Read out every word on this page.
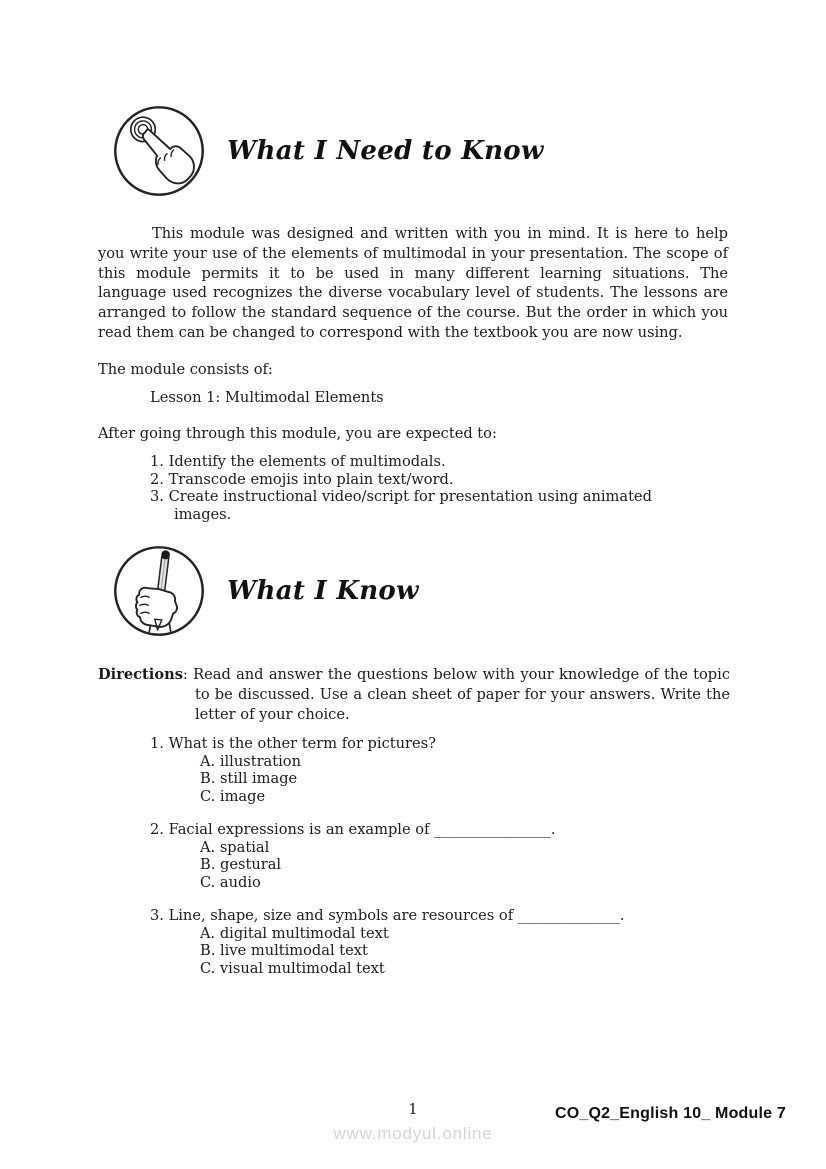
What I Need to Know

This module was designed and written with you in mind. It is here to help you write your use of the elements of multimodal in your presentation. The scope of this module permits it to be used in many different learning situations. The language used recognizes the diverse vocabulary level of students. The lessons are arranged to follow the standard sequence of the course. But the order in which you read them can be changed to correspond with the textbook you are now using.

The module consists of:
Lesson 1: Multimodal Elements
After going through this module, you are expected to:
1. Identify the elements of multimodals.
2. Transcode emojis into plain text/word.
3. Create instructional video/script for presentation using animated images.
What I Know
Directions: Read and answer the questions below with your knowledge of the topic to be discussed. Use a clean sheet of paper for your answers. Write the letter of your choice.
1. What is the other term for pictures?
A. illustration
B. still image
C. image
2. Facial expressions is an example of ________________.
A. spatial
B. gestural
C. audio
3. Line, shape, size and symbols are resources of ______________.
A. digital multimodal text
B. live multimodal text
C. visual multimodal text
1	CO_Q2_English 10_ Module 7
www.modyul.online
